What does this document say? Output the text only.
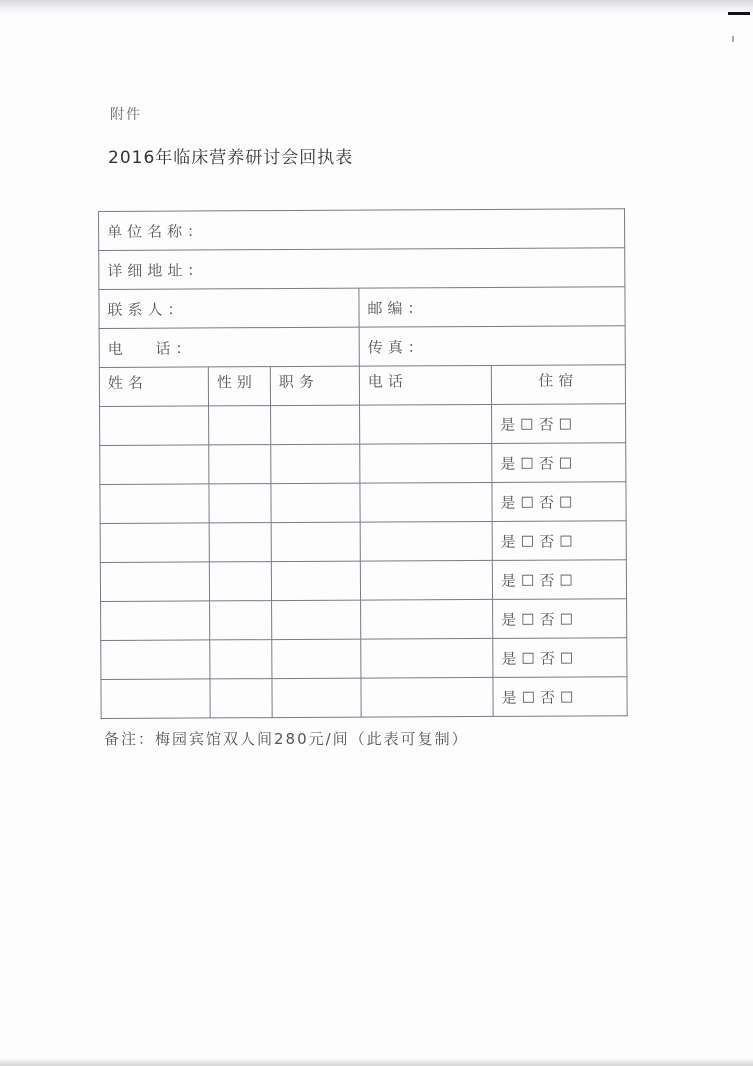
附件
2016年临床营养研讨会回执表
单位名称：				
详细地址：				
联系人：			邮编：	
电 话：			传真：	
姓名	性别	职务	电话	住宿
				是☐否☐
				是☐否☐
				是☐否☐
				是☐否☐
				是☐否☐
				是☐否☐
				是☐否☐
				是☐否☐
备注：梅园宾馆双人间280元/间（此表可复制）
